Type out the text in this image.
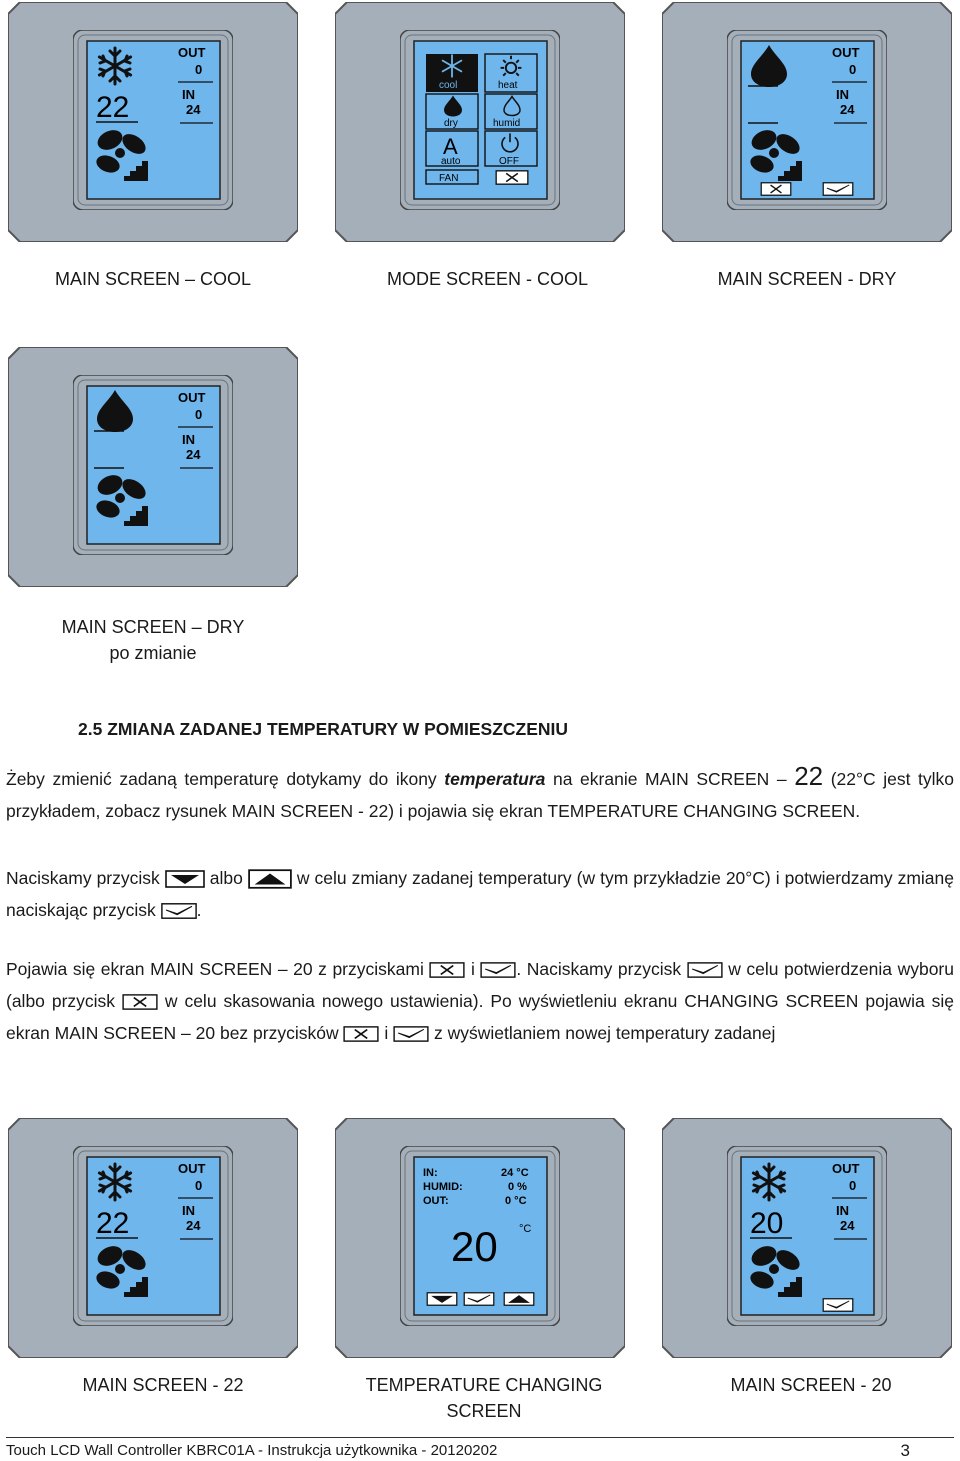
22
OUT
0
IN
24
cool	heat
dry	humid
A
auto	OFF
FAN
OUT
0
IN
24
MAIN SCREEN – COOL	MODE SCREEN - COOL	MAIN SCREEN - DRY
OUT
0
IN
24
MAIN SCREEN – DRY
po zmianie
2.5 ZMIANA ZADANEJ TEMPERATURY W POMIESZCZENIU
Żeby zmienić zadaną temperaturę dotykamy do ikony temperatura na ekranie MAIN SCREEN – 22 (22°C jest tylko przykładem, zobacz rysunek MAIN SCREEN - 22) i pojawia się ekran TEMPERATURE CHANGING SCREEN.
Naciskamy przycisk  albo	w celu zmiany zadanej temperatury (w tym przykładzie 20°C) i potwierdzamy zmianę naciskając przycisk .
Pojawia się ekran MAIN SCREEN – 20 z przyciskami  i . Naciskamy przycisk  w celu potwierdzenia wyboru (albo przycisk  w celu skasowania nowego ustawienia). Po wyświetleniu ekranu CHANGING SCREEN pojawia się ekran MAIN SCREEN – 20 bez przycisków  i  z wyświetlaniem nowej temperatury zadanej
22
OUT
0
IN
24
IN:	24 °C
HUMID:	0 %
OUT:	0 °C
20 °C	20
OUT
0
IN
24
MAIN SCREEN - 22	TEMPERATURE CHANGING
SCREEN
MAIN SCREEN - 20
Touch LCD Wall Controller KBRC01A - Instrukcja użytkownika - 20120202	3
